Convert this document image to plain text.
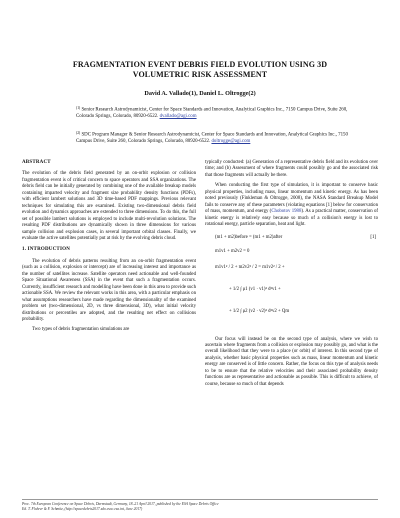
FRAGMENTATION EVENT DEBRIS FIELD EVOLUTION USING 3D
VOLUMETRIC RISK ASSESSMENT
David A. Vallado(1), Daniel L. Oltrogge(2)
$^{(1)}$ Senior Research Astrodynamicist, Center for Space Standards and Innovation, Analytical Graphics Inc., 7150 Campus Drive, Suite 260, Colorado Springs, Colorado, 80920-6522. dvallado@agi.com
$^{(2)}$ SDC Program Manager & Senior Research Astrodynamicist, Center for Space Standards and Innovation, Analytical Graphics Inc., 7150 Campus Drive, Suite 260, Colorado Springs, Colorado, 80920-6522. doltrogge@agi.com
ABSTRACT

The evolution of the debris field generated by an on-orbit explosion or collision fragmentation event is of critical concern to space operators and SSA organizations. The debris field can be initially generated by combining one of the available breakup models containing imparted velocity and fragment size probability density functions (PDFs), with efficient lambert solutions and 3D time-based PDF mappings. Previous relevant techniques for simulating this are examined. Existing two-dimensional debris field evolution and dynamics approaches are extended to three dimensions. To do this, the full set of possible lambert solutions is employed to include multi-revolution solutions. The resulting PDF distributions are dynamically shown in three dimensions for various sample collision and explosion cases, in several important orbital classes. Finally, we evaluate the active satellites potentially put at risk by the evolving debris cloud.

1. INTRODUCTION

The evolution of debris patterns resulting from an on-orbit fragmentation event (such as a collision, explosion or intercept) are of increasing interest and importance as the number of satellites increase. Satellite operators need actionable and well-founded Space Situational Awareness (SSA) in the event that such a fragmentation occurs. Currently, insufficient research and modelling have been done in this area to provide such actionable SSA. We review the relevant works in this area, with a particular emphasis on what assumptions researchers have made regarding the dimensionality of the examined problem set (two-dimensional, 2D, vs three dimensional, 3D), what initial velocity distributions or percentiles are adopted, and the resulting net effect on collisions probability.

Two types of debris fragmentation simulations are

typically conducted: (a) Generation of a representative debris field and its evolution over time; and (b) Assessment of where fragments could possibly go and the associated risk that those fragments will actually be there.

When conducting the first type of simulation, it is important to conserve basic physical properties, including mass, linear momentum and kinetic energy. As has been noted previously (Finkleman & Oltrogge, 2008), the NASA Standard Breakup Model fails to conserve any of these parameters (violating equations [1] below for conservation of mass, momentum, and energy (Chobotov 1988). As a practical matter, conservation of kinetic energy is relatively easy because so much of a collision's energy is lost to rotational energy, particle separation, heat and light.

(m1 + m2)before = (m1 + m2)after	[1]
m1v1 + m2v2 = 0
m1v1² / 2 + m2v2² / 2 = m1v2² / 2 +
+ 1/2 ∫ ρ1 (v1 · v1)² d³v1 +
+ 1/2 ∫ ρ2 (v2 · v2)² d³v2 + Qm

Our focus will instead be on the second type of analysis, where we wish to ascertain where fragments from a collision or explosion may possibly go, and what is the overall likelihood that they were to a place (or orbit) of interest. In this second type of analysis, whether basic physical properties such as mass, linear momentum and kinetic energy are conserved is of little concern. Rather, the focus on this type of analysis needs to be to ensure that the relative velocities and their associated probability density functions are as representative and actionable as possible. This is difficult to achieve, of course, because so much of that depends

Proc. 7th European Conference on Space Debris, Darmstadt, Germany, 18–21 April 2017, published by the ESA Space Debris Office
Ed. T. Flohrer & F. Schmitz, (http://spacedebris2017.sdo.esoc.esa.int, June 2017)
